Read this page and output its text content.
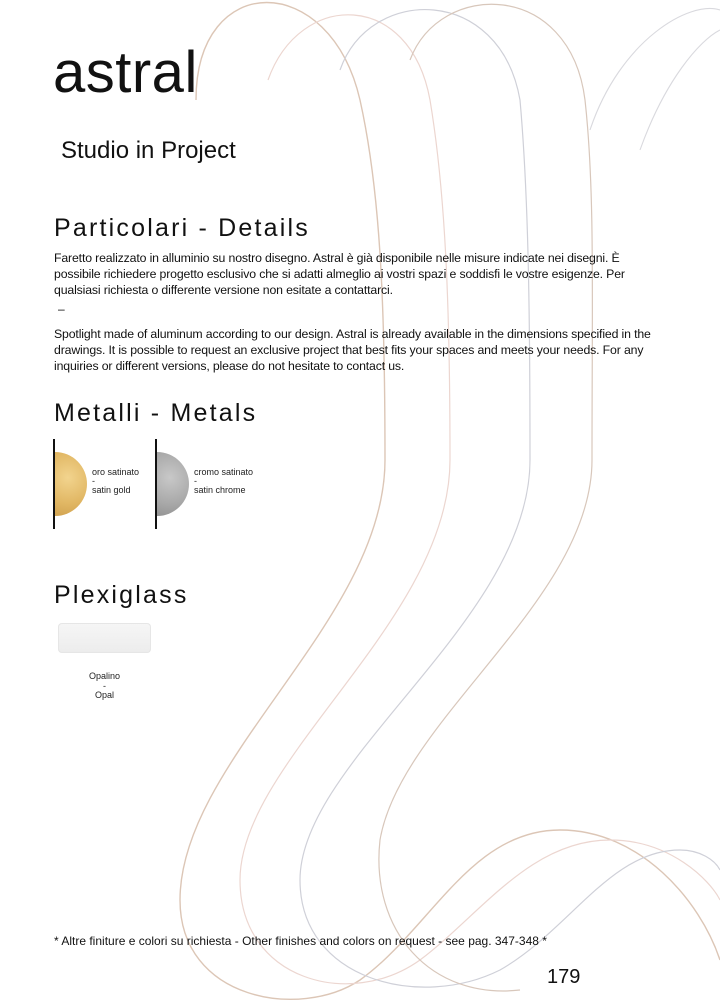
astral

Studio in Project

Particolari - Details

Faretto realizzato in alluminio su nostro disegno. Astral è già disponibile nelle misure indicate nei disegni. È possibile richiedere progetto esclusivo che si adatti almeglio ai vostri spazi e soddisfi le vostre esigenze. Per qualsiasi richiesta o differente versione non esitate a contattarci.

–

Spotlight made of aluminum according to our design. Astral is already available in the dimensions specified in the drawings. It is possible to request an exclusive project that best fits your spaces and meets your needs. For any inquiries or different versions, please do not hesitate to contact us.

Metalli - Metals
oro satinato
-
satin gold
cromo satinato
-
satin chrome
Plexiglass
Opalino
-
Opal

* Altre finiture e colori su richiesta - Other finishes and colors on request - see pag. 347-348 *

179
